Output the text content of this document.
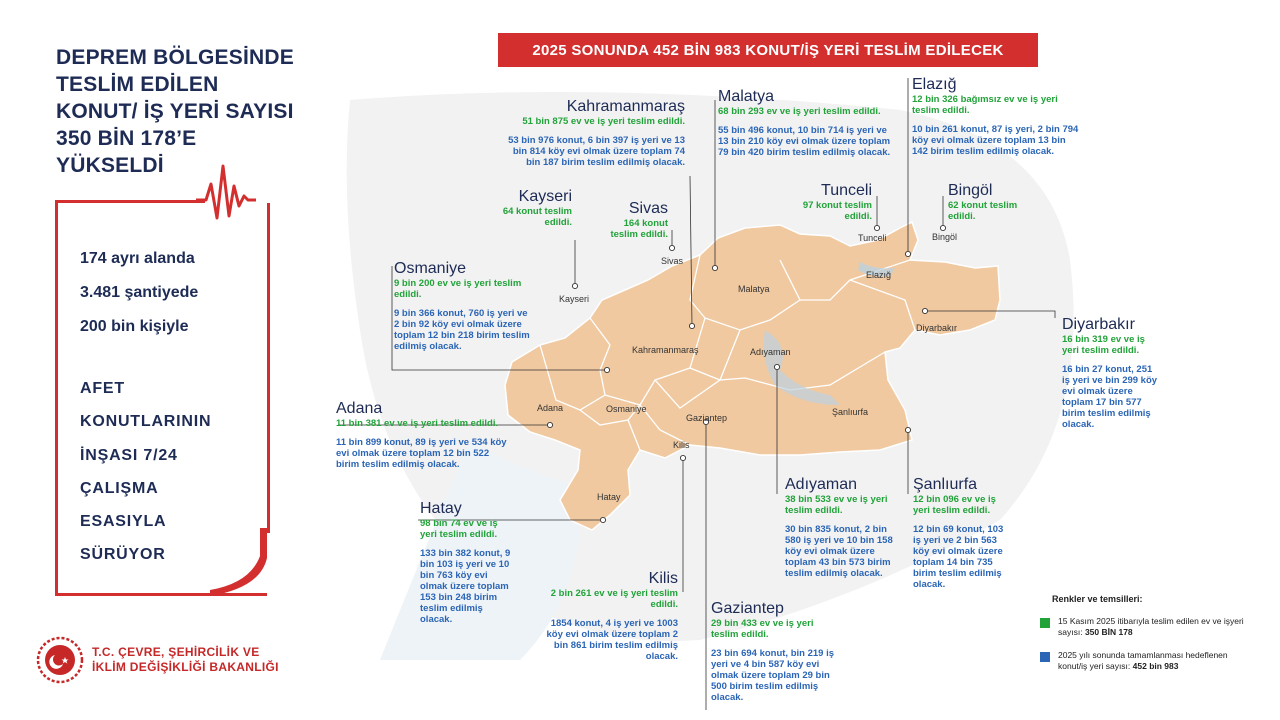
DEPREM BÖLGESİNDE
TESLİM EDİLEN
KONUT/ İŞ YERİ SAYISI
350 BİN 178’E
YÜKSELDİ
174 ayrı alanda
3.481 şantiyede
200 bin kişiyle
AFET
KONUTLARININ
İNŞASI 7/24
ÇALIŞMA
ESASIYLA
SÜRÜYOR
T.C. ÇEVRE, ŞEHİRCİLİK VE
İKLİM DEĞİŞİKLİĞİ BAKANLIĞI
2025 SONUNDA 452 BİN 983 KONUT/İŞ YERİ TESLİM EDİLECEK
Kayseri
Sivas
Tunceli	Bingöl
Elazığ
Malatya
Diyarbakır
Kahramanmaraş	Adıyaman
Adana	Osmaniye
Gaziantep
Şanlıurfa
Kilis
Hatay
Kahramanmaraş
51 bin 875 ev ve iş yeri teslim edildi.
53 bin 976 konut, 6 bin 397 iş yeri ve 13 bin 814 köy evi olmak üzere toplam 74 bin 187 birim teslim edilmiş olacak.
Malatya
68 bin 293 ev ve iş yeri teslim edildi.
55 bin 496 konut, 10 bin 714 iş yeri ve 13 bin 210 köy evi olmak üzere toplam 79 bin 420 birim teslim edilmiş olacak.
Elazığ
12 bin 326 bağımsız ev ve iş yeri teslim edildi.
10 bin 261 konut, 87 iş yeri, 2 bin 794 köy evi olmak üzere toplam 13 bin 142 birim teslim edilmiş olacak.
Kayseri
64 konut teslim edildi.
Sivas
164 konut teslim edildi.
Tunceli
97 konut teslim edildi.
Bingöl
62 konut teslim edildi.
Osmaniye
9 bin 200 ev ve iş yeri teslim edildi.
9 bin 366 konut, 760 iş yeri ve 2 bin 92 köy evi olmak üzere toplam 12 bin 218 birim teslim edilmiş olacak.
Diyarbakır
16 bin 319 ev ve iş yeri teslim edildi.
16 bin 27 konut, 251 iş yeri ve bin 299 köy evi olmak üzere toplam 17 bin 577 birim teslim edilmiş olacak.
Adana
11 bin 381 ev ve iş yeri teslim edildi.
11 bin 899 konut, 89 iş yeri ve 534 köy evi olmak üzere toplam 12 bin 522 birim teslim edilmiş olacak.
Hatay
98 bin 74 ev ve iş yeri teslim edildi.
133 bin 382 konut, 9 bin 103 iş yeri ve 10 bin 763 köy evi olmak üzere toplam 153 bin 248 birim teslim edilmiş olacak.
Adıyaman
38 bin 533 ev ve iş yeri teslim edildi.
30 bin 835 konut, 2 bin 580 iş yeri ve 10 bin 158 köy evi olmak üzere toplam 43 bin 573 birim teslim edilmiş olacak.
Şanlıurfa
12 bin 096 ev ve iş yeri teslim edildi.
12 bin 69 konut, 103 iş yeri ve 2 bin 563 köy evi olmak üzere toplam 14 bin 735 birim teslim edilmiş olacak.
Kilis
2 bin 261 ev ve iş yeri teslim edildi.
1854 konut, 4 iş yeri ve 1003 köy evi olmak üzere toplam 2 bin 861 birim teslim edilmiş olacak.
Gaziantep
29 bin 433 ev ve iş yeri teslim edildi.
23 bin 694 konut, bin 219 iş yeri ve 4 bin 587 köy evi olmak üzere toplam 29 bin 500 birim teslim edilmiş olacak.
Renkler ve temsilleri:
15 Kasım 2025 itibarıyla teslim edilen ev ve işyeri sayısı: 350 BİN 178
2025 yılı sonunda tamamlanması hedeflenen konut/iş yeri sayısı: 452 bin 983
